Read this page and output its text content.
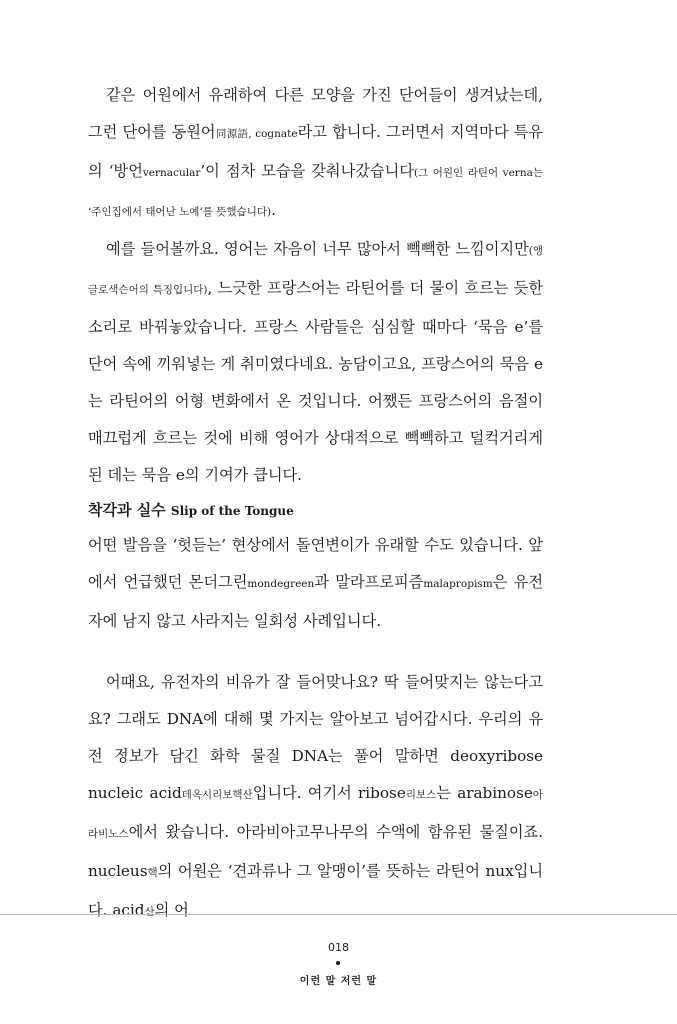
같은 어원에서 유래하여 다른 모양을 가진 단어들이 생겨났는데, 그런 단어를 동원어同源語, cognate라고 합니다. 그러면서 지역마다 특유의 ‘방언vernacular’이 점차 모습을 갖춰나갔습니다(그 어원인 라틴어 verna는 ‘주인집에서 태어난 노예’를 뜻했습니다).

예를 들어볼까요. 영어는 자음이 너무 많아서 빽빽한 느낌이지만(앵글로색슨어의 특징입니다), 느긋한 프랑스어는 라틴어를 더 물이 흐르는 듯한 소리로 바꿔놓았습니다. 프랑스 사람들은 심심할 때마다 ‘묵음 e’를 단어 속에 끼워넣는 게 취미였다네요. 농담이고요, 프랑스어의 묵음 e는 라틴어의 어형 변화에서 온 것입니다. 어쨌든 프랑스어의 음절이 매끄럽게 흐르는 것에 비해 영어가 상대적으로 빽빽하고 덜컥거리게 된 데는 묵음 e의 기여가 큽니다.

착각과 실수 Slip of the Tongue

어떤 발음을 ‘헛듣는’ 현상에서 돌연변이가 유래할 수도 있습니다. 앞에서 언급했던 몬더그린mondegreen과 말라프로피즘malapropism은 유전자에 남지 않고 사라지는 일회성 사례입니다.

어때요, 유전자의 비유가 잘 들어맞나요? 딱 들어맞지는 않는다고요? 그래도 DNA에 대해 몇 가지는 알아보고 넘어갑시다. 우리의 유전 정보가 담긴 화학 물질 DNA는 풀어 말하면 deoxyribose nucleic acid데옥시리보핵산입니다. 여기서 ribose리보스는 arabinose아라비노스에서 왔습니다. 아라비아고무나무의 수액에 함유된 물질이죠. nucleus핵의 어원은 ‘견과류나 그 알맹이’를 뜻하는 라틴어 nux입니다. acid산의 어

018
이런 말 저런 말
